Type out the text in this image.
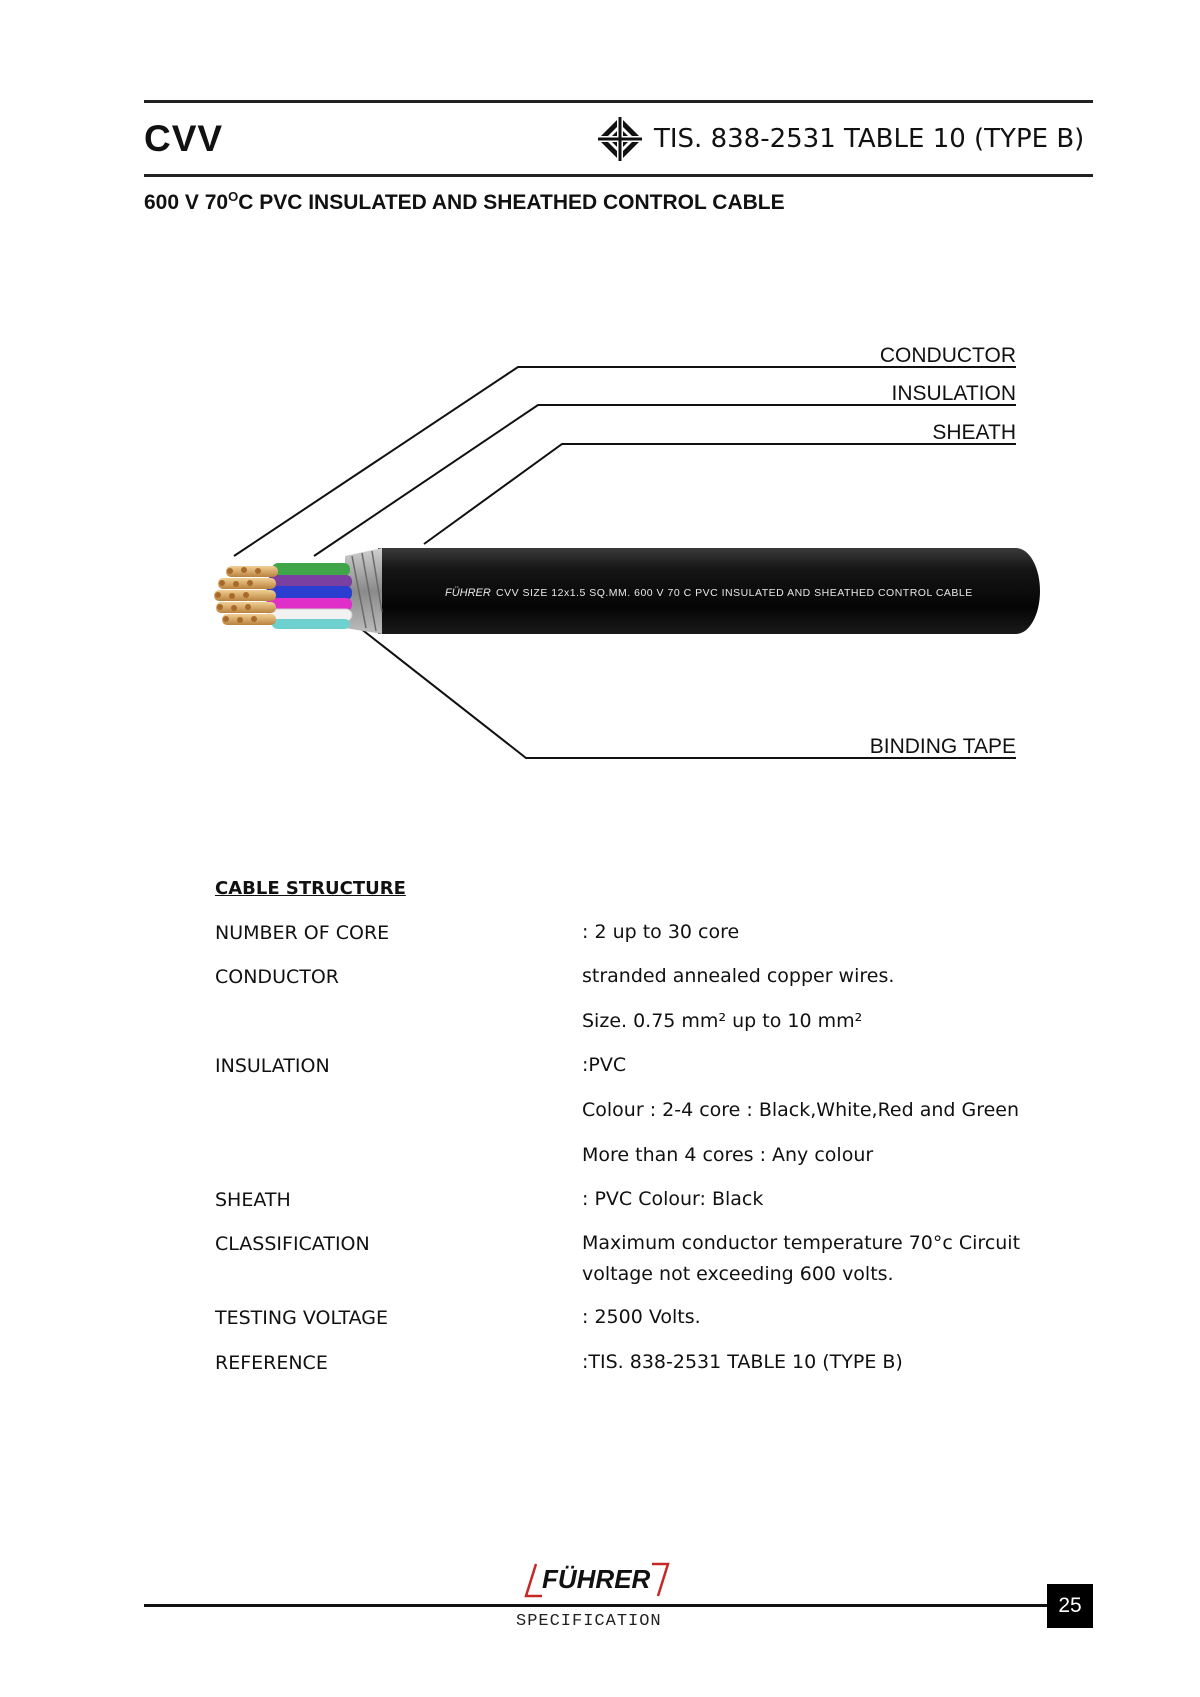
CVV	TIS. 838-2531 TABLE 10 (TYPE B)
600 V $70^OC$ PVC INSULATED AND SHEATHED CONTROL CABLE
FÜHRER CVV SIZE 12x1.5 SQ.MM. 600 V 70 C PVC INSULATED AND SHEATHED CONTROL CABLE
CONDUCTOR
INSULATION
SHEATH
BINDING TAPE
CABLE STRUCTURE
NUMBER OF CORE	: 2 up to 30 core
CONDUCTOR	stranded annealed copper wires.
Size. 0.75 mm² up to 10 mm²
INSULATION	:PVC
Colour : 2-4 core : Black,White,Red and Green
More than 4 cores : Any colour
SHEATH	: PVC Colour: Black
CLASSIFICATION	Maximum conductor temperature 70°c Circuit
voltage not exceeding 600 volts.
TESTING VOLTAGE	: 2500 Volts.
REFERENCE	:TIS. 838-2531 TABLE 10 (TYPE B)
FÜHRER
SPECIFICATION
25
